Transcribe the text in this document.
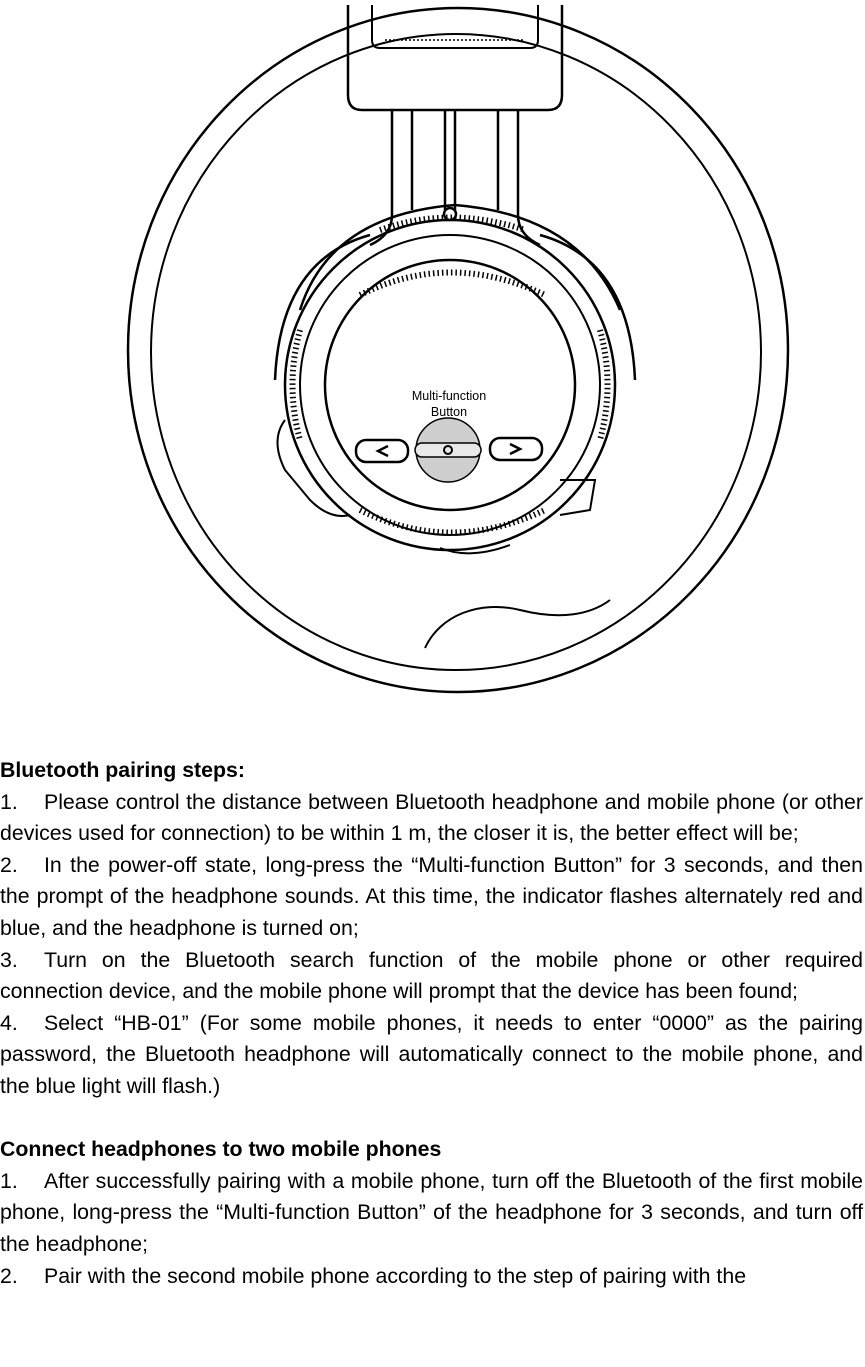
Multi-function
Button

Bluetooth pairing steps:

1. Please control the distance between Bluetooth headphone and mobile phone (or other devices used for connection) to be within 1 m, the closer it is, the better effect will be;

2. In the power-off state, long-press the “Multi-function Button” for 3 seconds, and then the prompt of the headphone sounds. At this time, the indicator flashes alternately red and blue, and the headphone is turned on;

3. Turn on the Bluetooth search function of the mobile phone or other required connection device, and the mobile phone will prompt that the device has been found;

4. Select “HB-01” (For some mobile phones, it needs to enter “0000” as the pairing password, the Bluetooth headphone will automatically connect to the mobile phone, and the blue light will flash.)

Connect headphones to two mobile phones

1. After successfully pairing with a mobile phone, turn off the Bluetooth of the first mobile phone, long-press the “Multi-function Button” of the headphone for 3 seconds, and turn off the headphone;

2. Pair with the second mobile phone according to the step of pairing with the
